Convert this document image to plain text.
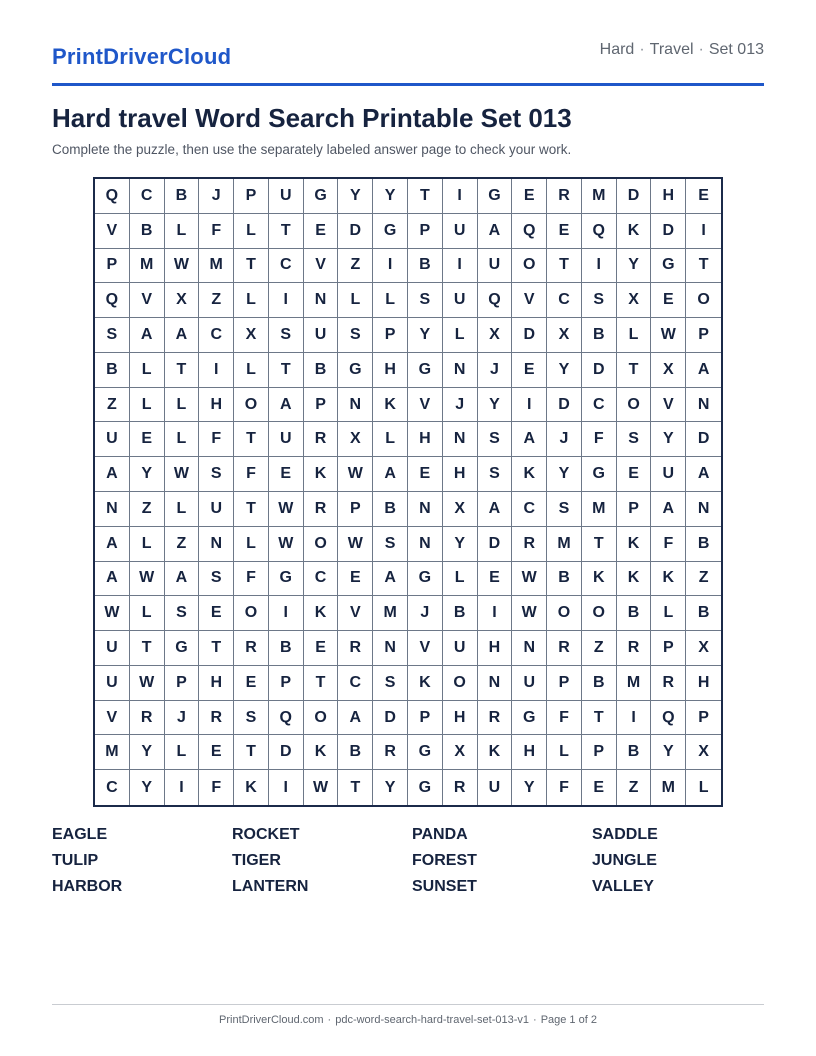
PrintDriverCloud	Hard · Travel · Set 013
Hard travel Word Search Printable Set 013

Complete the puzzle, then use the separately labeled answer page to check your work.

Q	C	B	J	P	U	G	Y	Y	T	I	G	E	R	M	D	H	E
V	B	L	F	L	T	E	D	G	P	U	A	Q	E	Q	K	D	I
P	M	W	M	T	C	V	Z	I	B	I	U	O	T	I	Y	G	T
Q	V	X	Z	L	I	N	L	L	S	U	Q	V	C	S	X	E	O
S	A	A	C	X	S	U	S	P	Y	L	X	D	X	B	L	W	P
B	L	T	I	L	T	B	G	H	G	N	J	E	Y	D	T	X	A
Z	L	L	H	O	A	P	N	K	V	J	Y	I	D	C	O	V	N
U	E	L	F	T	U	R	X	L	H	N	S	A	J	F	S	Y	D
A	Y	W	S	F	E	K	W	A	E	H	S	K	Y	G	E	U	A
N	Z	L	U	T	W	R	P	B	N	X	A	C	S	M	P	A	N
A	L	Z	N	L	W	O	W	S	N	Y	D	R	M	T	K	F	B
A	W	A	S	F	G	C	E	A	G	L	E	W	B	K	K	K	Z
W	L	S	E	O	I	K	V	M	J	B	I	W	O	O	B	L	B
U	T	G	T	R	B	E	R	N	V	U	H	N	R	Z	R	P	X
U	W	P	H	E	P	T	C	S	K	O	N	U	P	B	M	R	H
V	R	J	R	S	Q	O	A	D	P	H	R	G	F	T	I	Q	P
M	Y	L	E	T	D	K	B	R	G	X	K	H	L	P	B	Y	X
C	Y	I	F	K	I	W	T	Y	G	R	U	Y	F	E	Z	M	L
EAGLE	ROCKET	PANDA	SADDLE
TULIP	TIGER	FOREST	JUNGLE
HARBOR	LANTERN	SUNSET	VALLEY
PrintDriverCloud.com · pdc-word-search-hard-travel-set-013-v1 · Page 1 of 2
